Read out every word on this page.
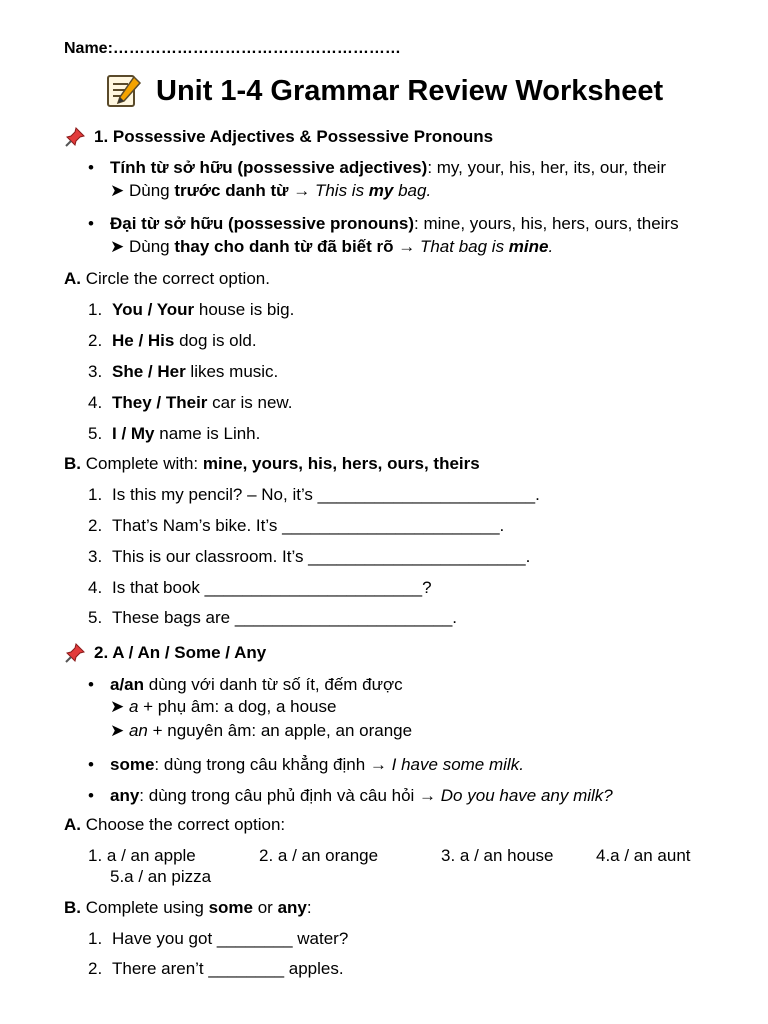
Name:………………………………………………
Unit 1-4 Grammar Review Worksheet
1. Possessive Adjectives & Possessive Pronouns
• Tính từ sở hữu (possessive adjectives): my, your, his, her, its, our, their
➤ Dùng trước danh từ → This is my bag.
• Đại từ sở hữu (possessive pronouns): mine, yours, his, hers, ours, theirs
➤ Dùng thay cho danh từ đã biết rõ → That bag is mine.
A. Circle the correct option.
1. You / Your house is big.
2. He / His dog is old.
3. She / Her likes music.
4. They / Their car is new.
5. I / My name is Linh.
B. Complete with: mine, yours, his, hers, ours, theirs
1. Is this my pencil? – No, it’s _______________________.
2. That’s Nam’s bike. It’s _______________________.
3. This is our classroom. It’s _______________________.
4. Is that book _______________________?
5. These bags are _______________________.
2. A / An / Some / Any
• a/an dùng với danh từ số ít, đếm được
➤ a + phụ âm: a dog, a house
➤ an + nguyên âm: an apple, an orange
• some: dùng trong câu khẳng định → I have some milk.
• any: dùng trong câu phủ định và câu hỏi → Do you have any milk?
A. Choose the correct option:
1. a / an apple	2. a / an orange	3. a / an house	4.a / an aunt
5.a / an pizza
B. Complete using some or any:
1. Have you got ________ water?
2. There aren’t ________ apples.
